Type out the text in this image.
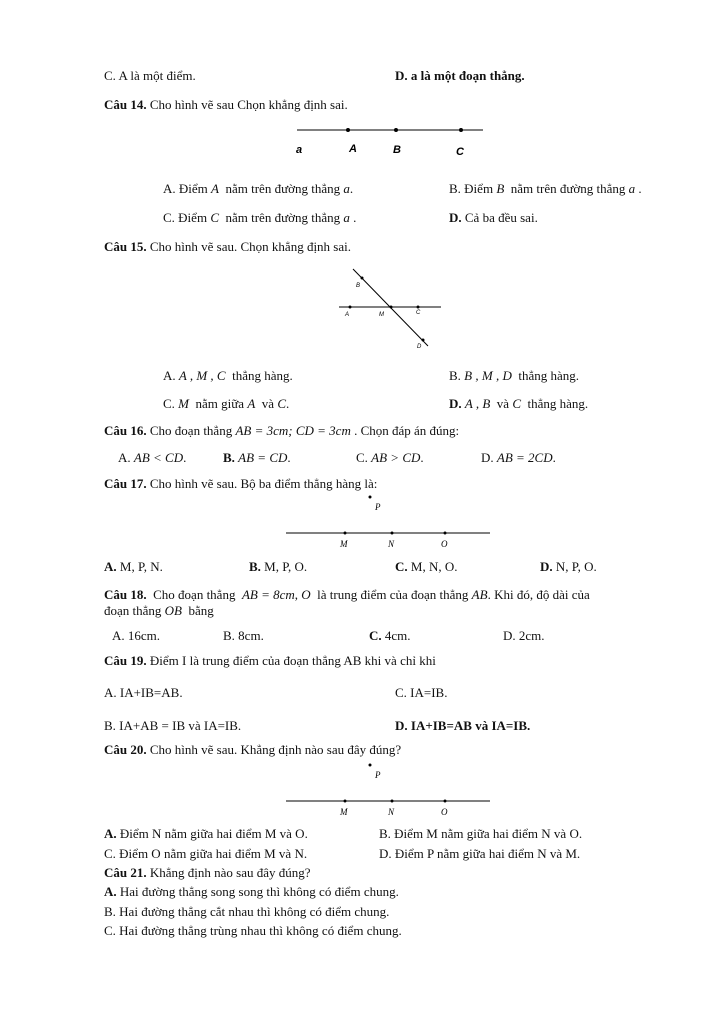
C. A là một điểm.	D. a là một đoạn thẳng.
Câu 14. Cho hình vẽ sau Chọn khẳng định sai.
a	A	B	C
A. Điểm A nằm trên đường thẳng a.	B. Điểm B nằm trên đường thẳng a .
C. Điểm C nằm trên đường thẳng a .	D. Cả ba đều sai.
Câu 15. Cho hình vẽ sau. Chọn khẳng định sai.
B
A	M	C
D
A. A , M , C thẳng hàng.	B. B , M , D thẳng hàng.
C. M nằm giữa A và C.	D. A , B và C thẳng hàng.
Câu 16. Cho đoạn thẳng AB = 3cm; CD = 3cm . Chọn đáp án đúng:
A. AB < CD.	B. AB = CD.	C. AB > CD.	D. AB = 2CD.
Câu 17. Cho hình vẽ sau. Bộ ba điểm thẳng hàng là:
P
M	N	O
A. M, P, N.	B. M, P, O.	C. M, N, O.	D. N, P, O.
Câu 18. Cho đoạn thẳng AB = 8cm, O là trung điểm của đoạn thẳng AB. Khi đó, độ dài của
đoạn thẳng OB bằng
A. 16cm.	B. 8cm.	C. 4cm.	D. 2cm.
Câu 19. Điểm I là trung điểm của đoạn thẳng AB khi và chỉ khi
A. IA+IB=AB.	C. IA=IB.
B. IA+AB = IB và IA=IB.	D. IA+IB=AB và IA=IB.
Câu 20. Cho hình vẽ sau. Khẳng định nào sau đây đúng?
P
M	N	O
A. Điểm N nằm giữa hai điểm M và O.	B. Điểm M nằm giữa hai điểm N và O.
C. Điểm O nằm giữa hai điểm M và N.	D. Điểm P nằm giữa hai điểm N và M.
Câu 21. Khẳng định nào sau đây đúng?
A. Hai đường thẳng song song thì không có điểm chung.
B. Hai đường thẳng cắt nhau thì không có điểm chung.
C. Hai đường thẳng trùng nhau thì không có điểm chung.
